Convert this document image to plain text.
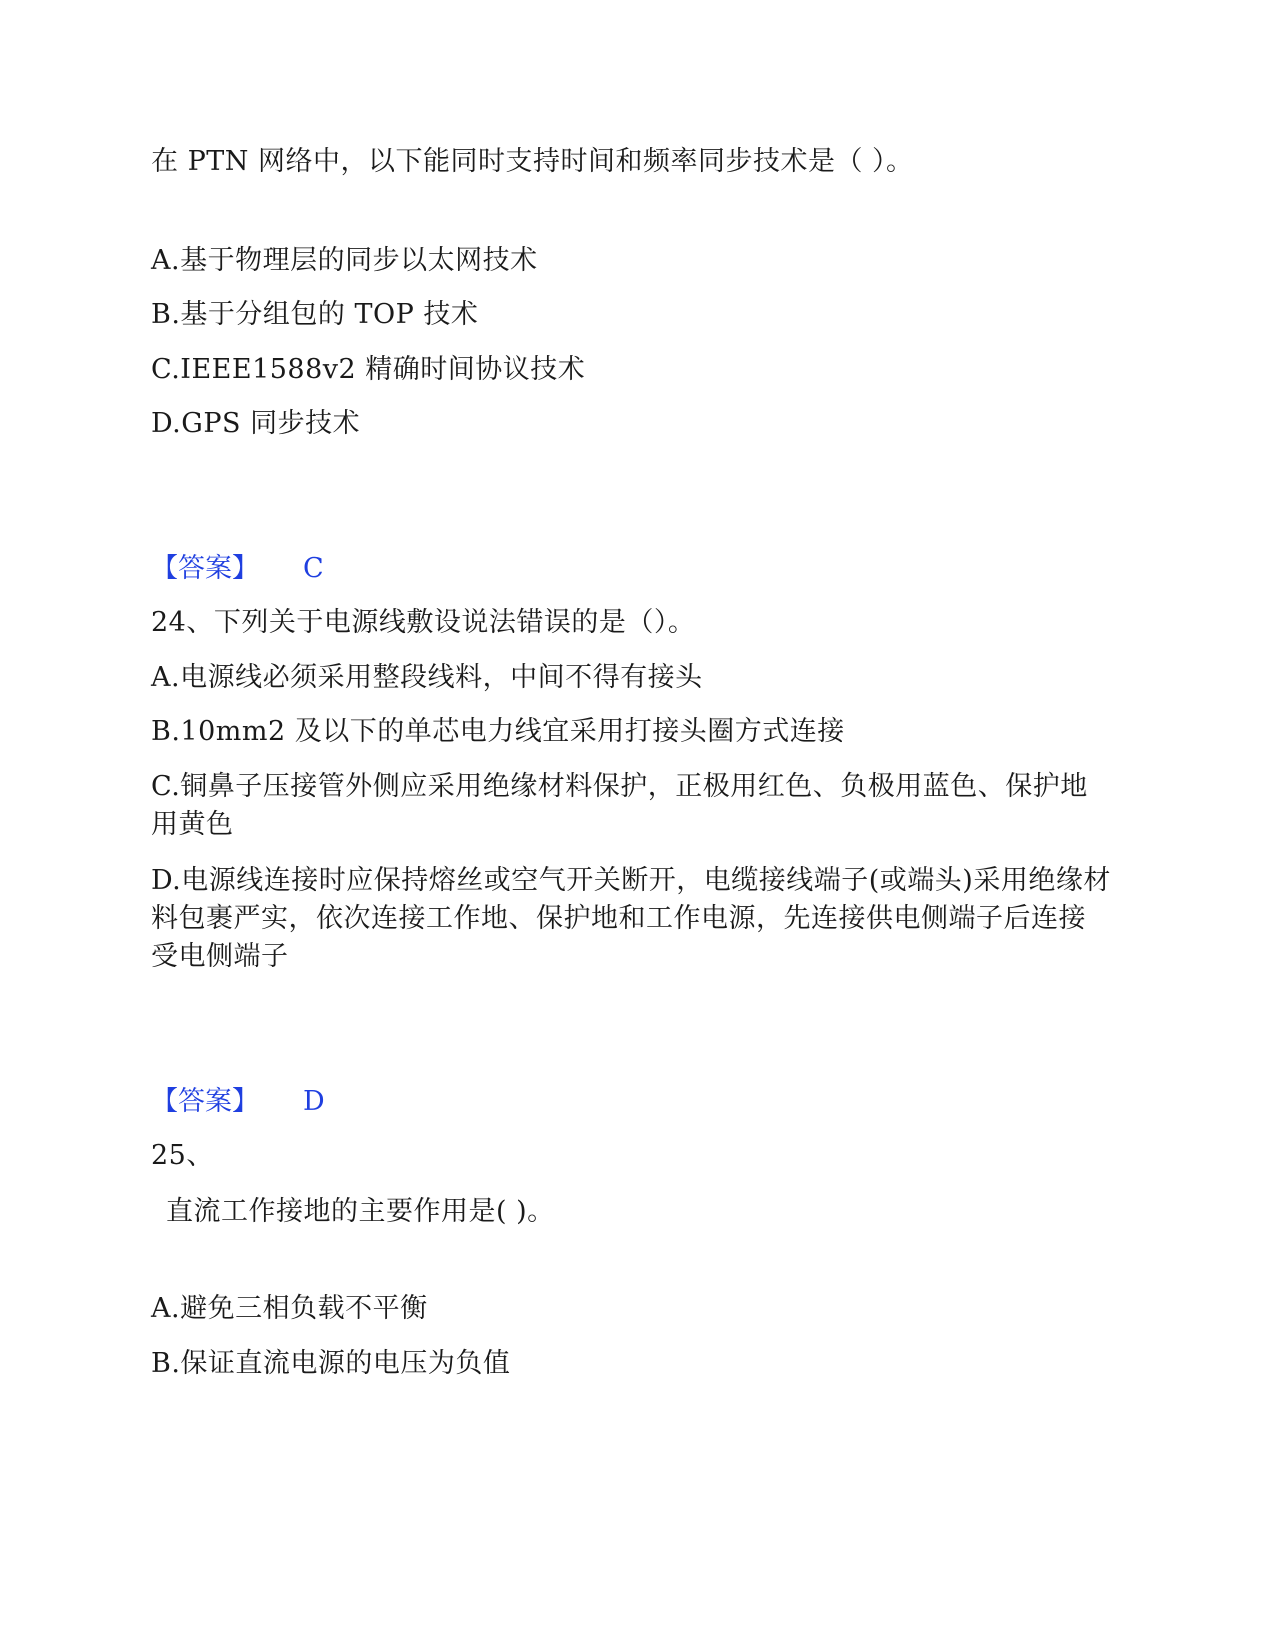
在 PTN 网络中，以下能同时支持时间和频率同步技术是（ ）。
A.基于物理层的同步以太网技术
B.基于分组包的 TOP 技术
C.IEEE1588v2 精确时间协议技术
D.GPS 同步技术
【答案】 C
24、下列关于电源线敷设说法错误的是（）。
A.电源线必须采用整段线料，中间不得有接头
B.10mm2 及以下的单芯电力线宜采用打接头圈方式连接
C.铜鼻子压接管外侧应采用绝缘材料保护，正极用红色、负极用蓝色、保护地用黄色
D.电源线连接时应保持熔丝或空气开关断开，电缆接线端子(或端头)采用绝缘材料包裹严实，依次连接工作地、保护地和工作电源，先连接供电侧端子后连接受电侧端子
【答案】 D
25、
直流工作接地的主要作用是( )。
A.避免三相负载不平衡
B.保证直流电源的电压为负值
